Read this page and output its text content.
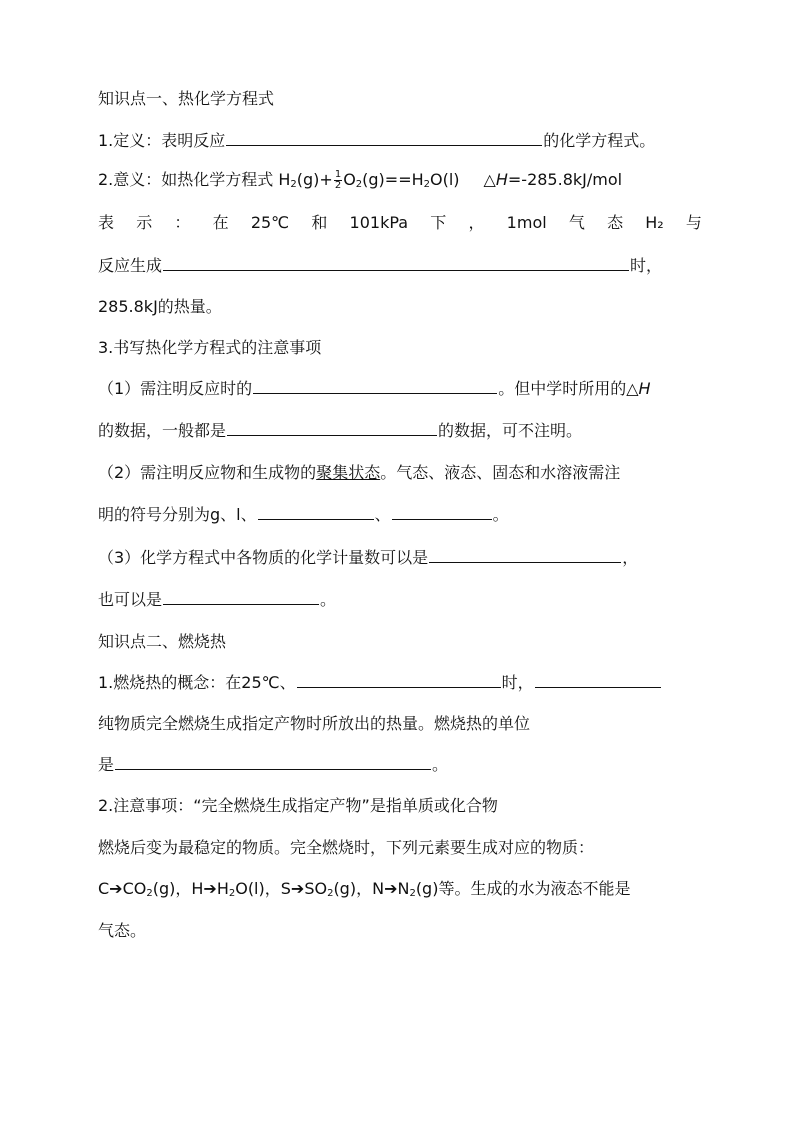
知识点一、热化学方程式
1.定义：表明反应	的化学方程式。
2.意义：如热化学方程式 $H_2(g)+ \frac{1}{2} O_2(g)==H_2O(l)$ △H=-285.8kJ/mol
表 示 ： 在 25℃ 和 101kPa 下 ， 1mol 气 态 H₂ 与
反应生成	时，
285.8kJ的热量。
3.书写热化学方程式的注意事项
（1）需注明反应时的	。但中学时所用的△H
的数据，一般都是	的数据，可不注明。
（2）需注明反应物和生成物的聚集状态。气态、液态、固态和水溶液需注
明的符号分别为g、l、	、	。
（3）化学方程式中各物质的化学计量数可以是	，
也可以是	。
知识点二、燃烧热
1.燃烧热的概念：在25℃、	时，
纯物质完全燃烧生成指定产物时所放出的热量。燃烧热的单位
是	。
2.注意事项：“完全燃烧生成指定产物”是指单质或化合物
燃烧后变为最稳定的物质。完全燃烧时，下列元素要生成对应的物质：
$C➔CO_2(g)$，$H➔H_2O(l)$，$S➔SO_2(g)$，$N➔N_2(g)$等。生成的水为液态不能是
气态。
